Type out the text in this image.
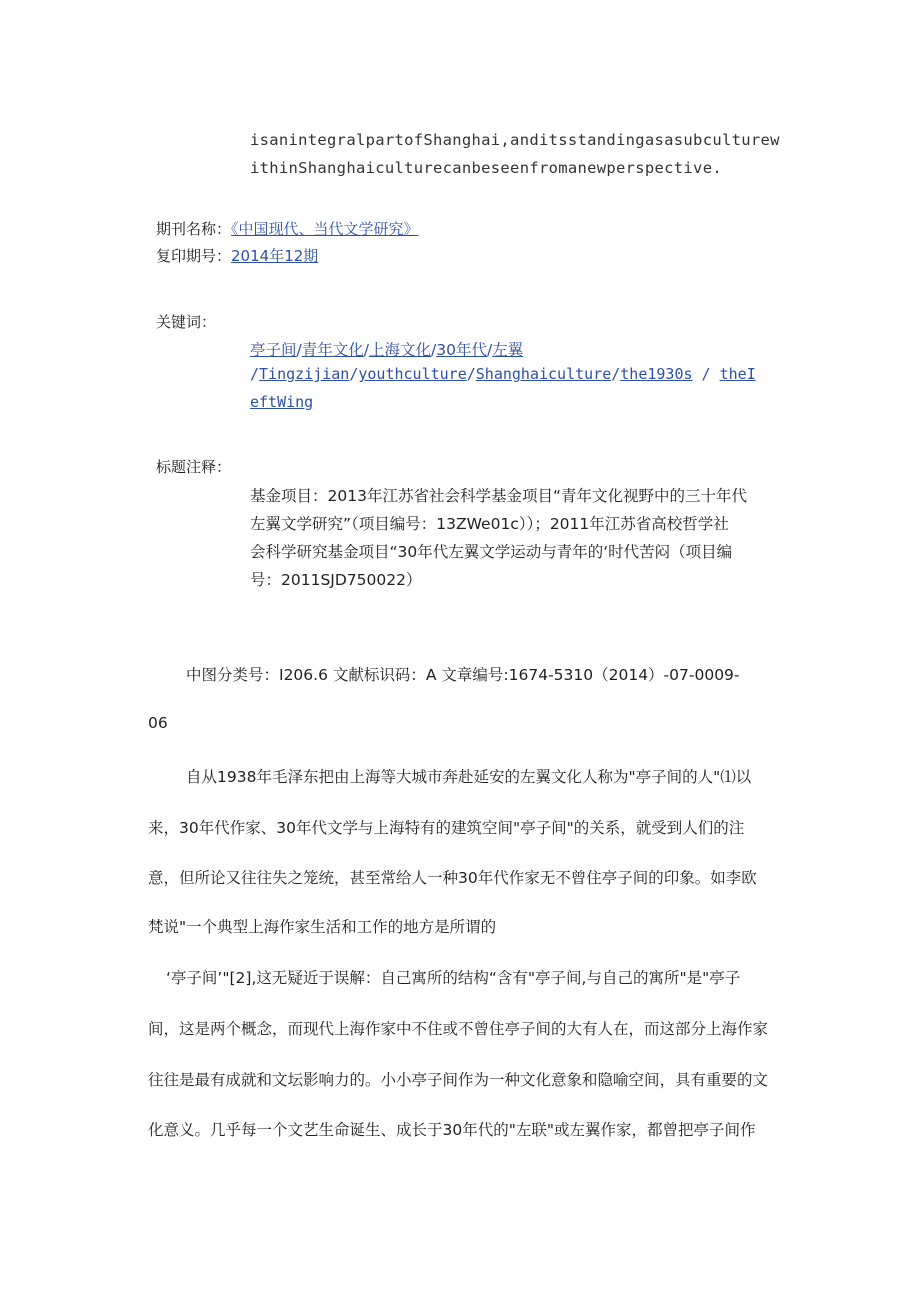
isanintegralpartofShanghai,anditsstandingasasubculturew
ithinShanghaiculturecanbeseenfromanewperspective.
期刊名称：《中国现代、当代文学研究》
复印期号：2014年12期
关键词：
亭子间/青年文化/上海文化/30年代/左翼
/Tingzijian/youthculture/Shanghaiculture/the1930s / theI
eftWing
标题注释：
基金项目：2013年江苏省社会科学基金项目“青年文化视野中的三十年代
左翼文学研究”（项目编号：13ZWe01c））；2011年江苏省高校哲学社
会科学研究基金项目“30年代左翼文学运动与青年的‘时代苦闷（项目编
号：2011SJD750022）
中图分类号：I206.6 文献标识码：A 文章编号:1674-5310（2014）-07-0009-
06
自从1938年毛泽东把由上海等大城市奔赴延安的左翼文化人称为"亭子间的人"⑴以
来，30年代作家、30年代文学与上海特有的建筑空间"亭子间"的关系，就受到人们的注
意，但所论又往往失之笼统，甚至常给人一种30年代作家无不曾住亭子间的印象。如李欧
梵说"一个典型上海作家生活和工作的地方是所谓的
‘亭子间’"[2],这无疑近于误解：自己寓所的结构“含有"亭子间,与自己的寓所"是"亭子
间，这是两个概念，而现代上海作家中不住或不曾住亭子间的大有人在，而这部分上海作家
往往是最有成就和文坛影响力的。小小亭子间作为一种文化意象和隐喻空间，具有重要的文
化意义。几乎每一个文艺生命诞生、成长于30年代的"左联"或左翼作家，都曾把亭子间作
